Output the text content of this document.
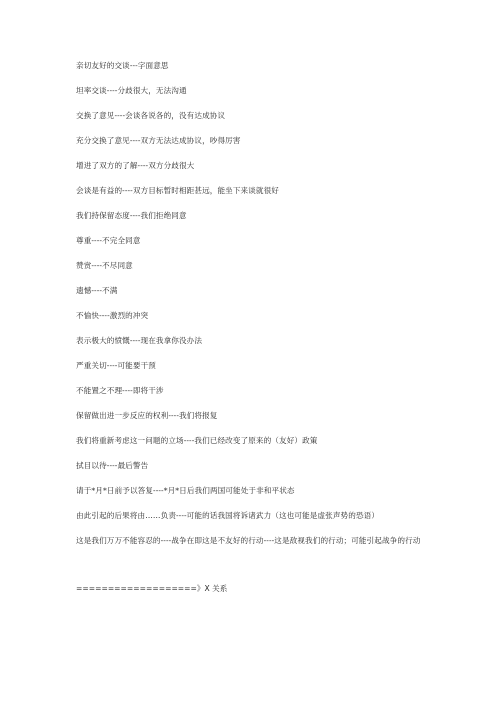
亲切友好的交谈---字面意思
坦率交谈----分歧很大，无法沟通
交换了意见----会谈各说各的，没有达成协议
充分交换了意见----双方无法达成协议，吵得厉害
增进了双方的了解----双方分歧很大
会谈是有益的----双方目标暂时相距甚远，能坐下来谈就很好
我们持保留态度----我们拒绝同意
尊重----不完全同意
赞赏----不尽同意
遗憾----不满
不愉快----激烈的冲突
表示极大的愤慨----现在我拿你没办法
严重关切----可能要干预
不能置之不理----即将干涉
保留做出进一步反应的权利----我们将报复
我们将重新考虑这一问题的立场----我们已经改变了原来的（友好）政策
拭目以待----最后警告
请于*月*日前予以答复----*月*日后我们两国可能处于非和平状态
由此引起的后果将由……负责----可能的话我国将诉诸武力（这也可能是虚张声势的恐语）
这是我们万万不能容忍的----战争在即这是不友好的行动----这是敌视我们的行动；可能引起战争的行动
===================》X 关系
